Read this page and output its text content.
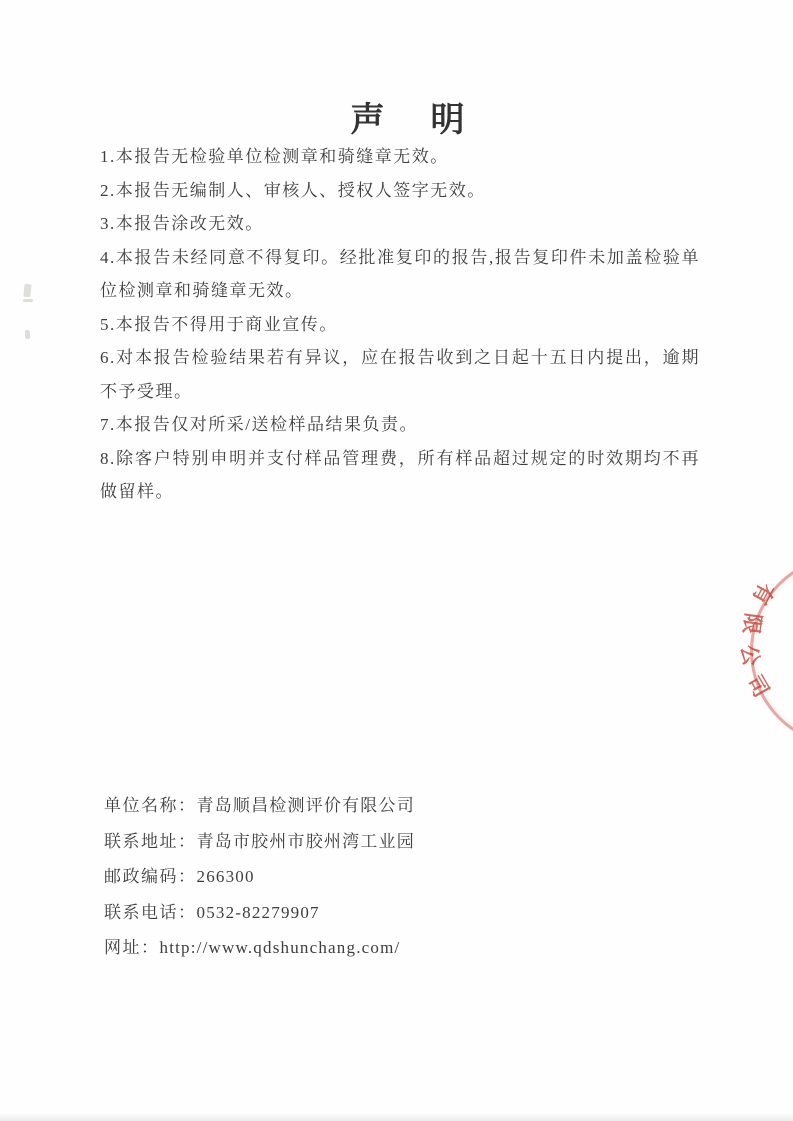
声　明

1.本报告无检验单位检测章和骑缝章无效。

2.本报告无编制人、审核人、授权人签字无效。

3.本报告涂改无效。

4.本报告未经同意不得复印。经批准复印的报告,报告复印件未加盖检验单位检测章和骑缝章无效。

5.本报告不得用于商业宣传。

6.对本报告检验结果若有异议，应在报告收到之日起十五日内提出，逾期不予受理。

7.本报告仅对所采/送检样品结果负责。

8.除客户特别申明并支付样品管理费，所有样品超过规定的时效期均不再做留样。

有
限
公
司

单位名称：青岛顺昌检测评价有限公司

联系地址：青岛市胶州市胶州湾工业园

邮政编码：266300

联系电话：0532-82279907

网址：http://www.qdshunchang.com/
